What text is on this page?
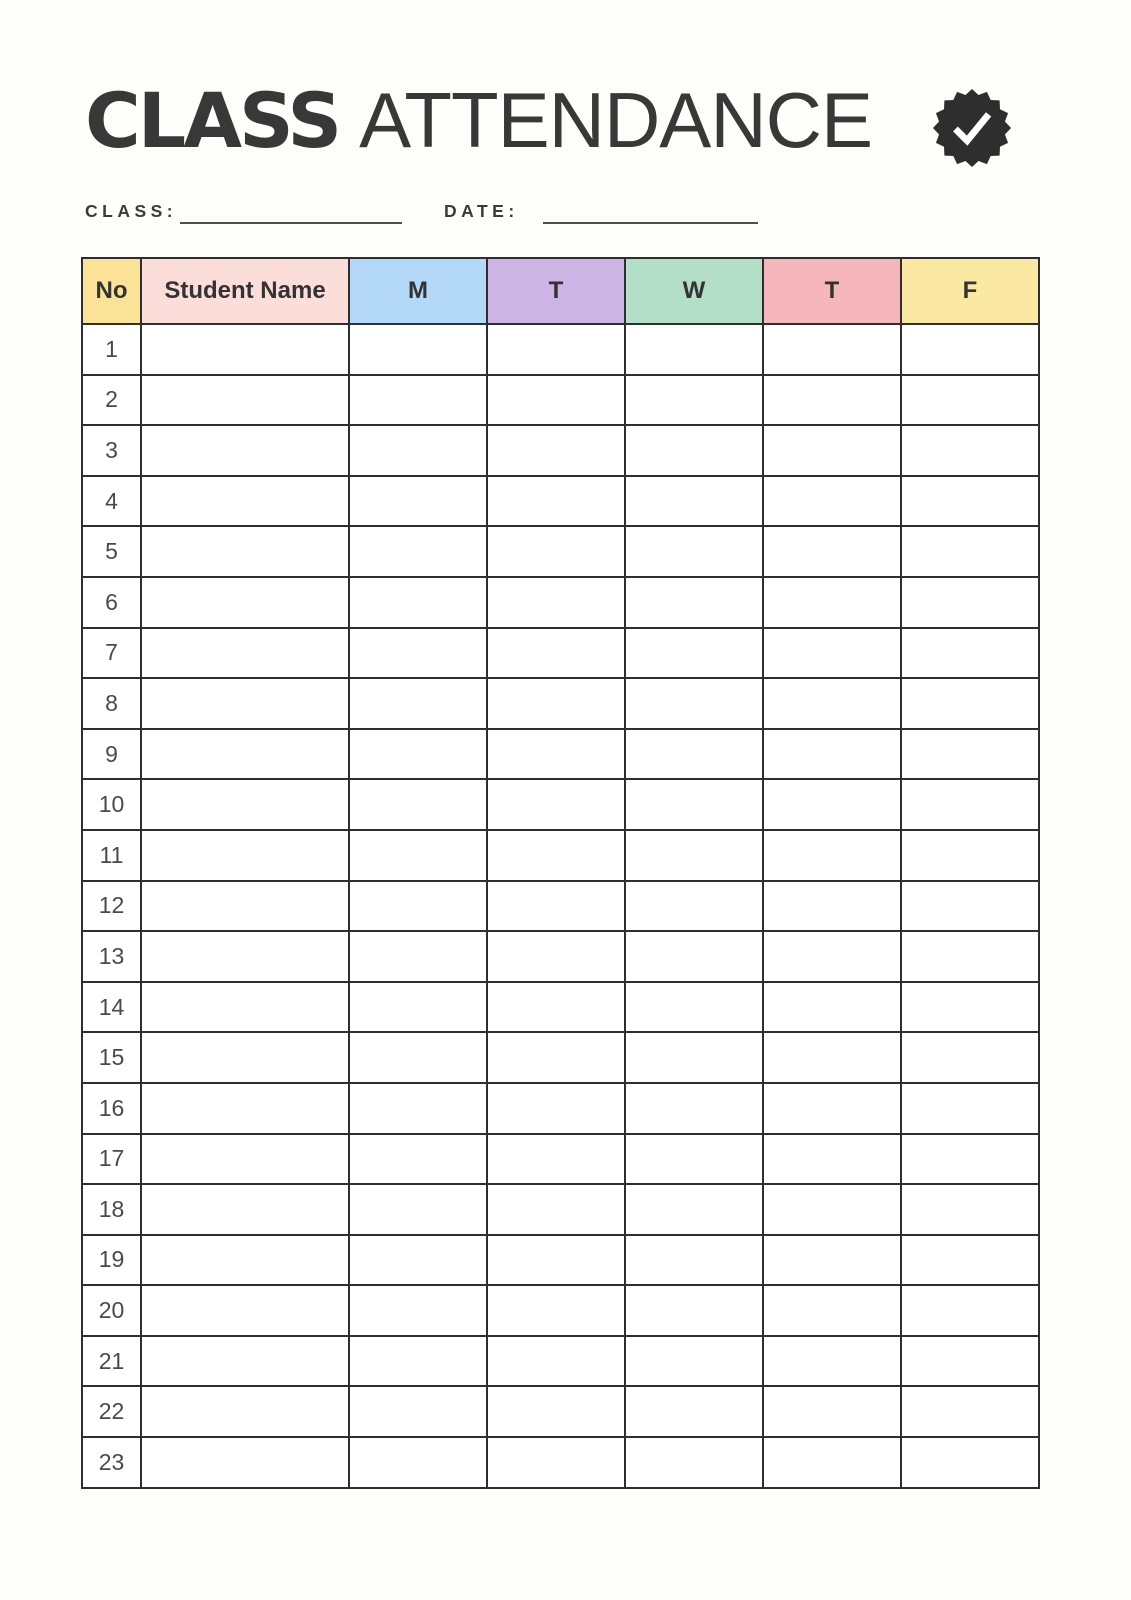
CLASS ATTENDANCE
CLASS:	DATE:
No	Student Name	M	T	W	T	F
1						
2						
3						
4						
5						
6						
7						
8						
9						
10						
11						
12						
13						
14						
15						
16						
17						
18						
19						
20						
21						
22						
23						
